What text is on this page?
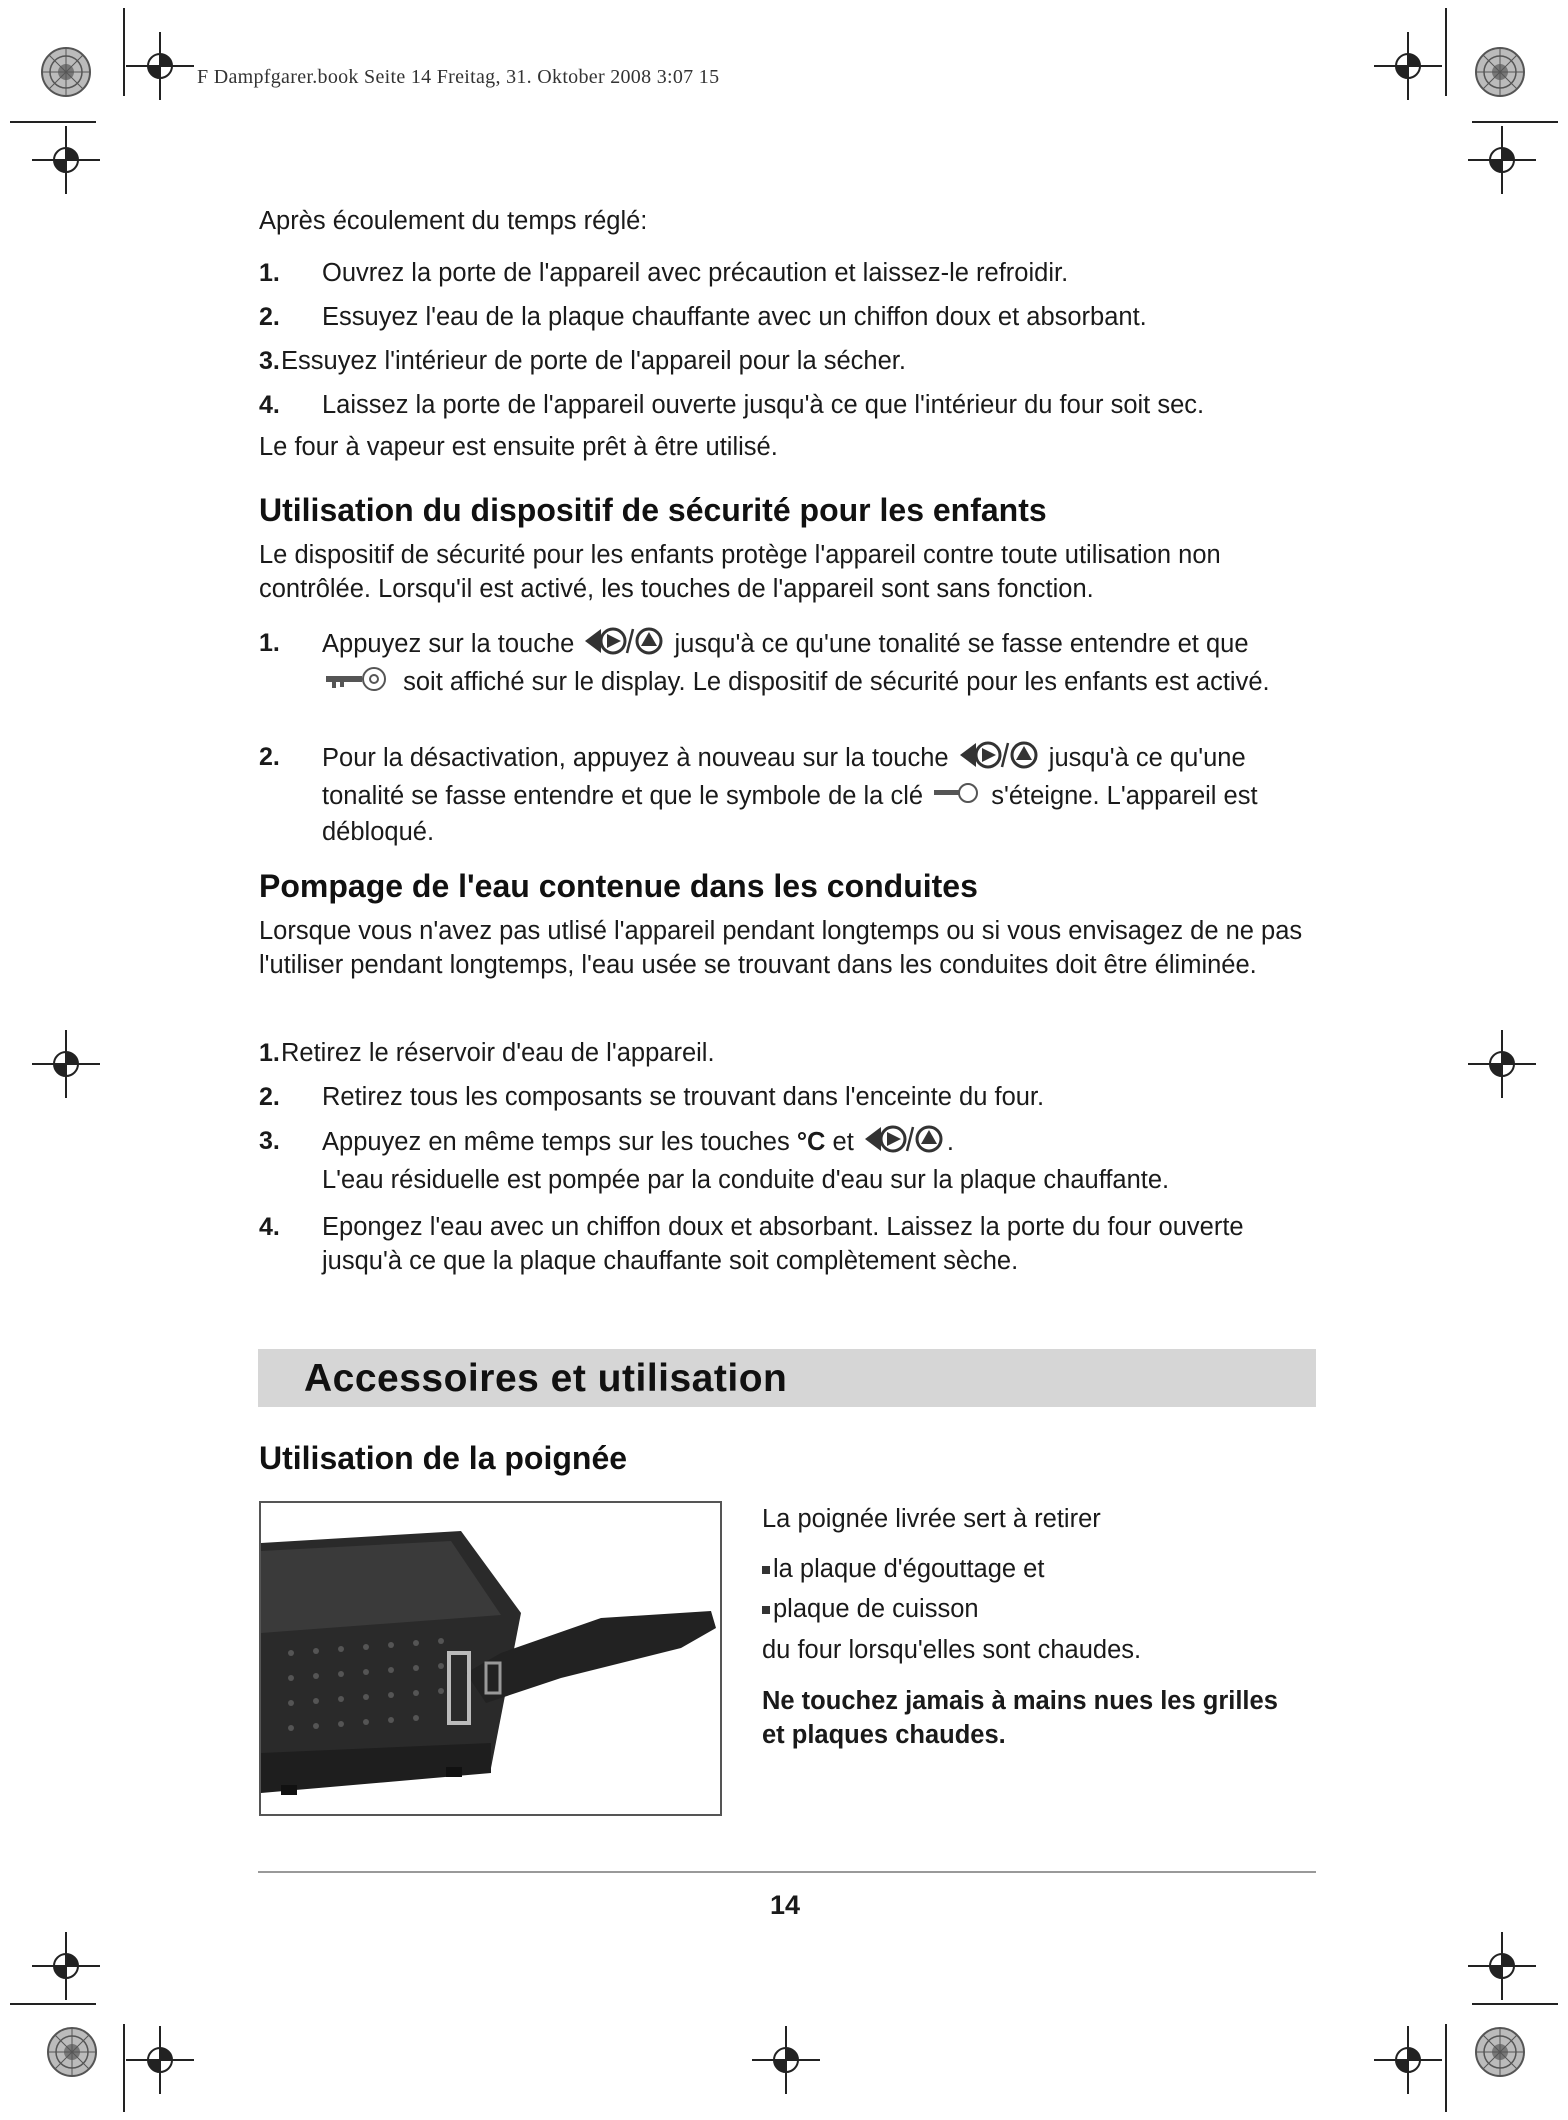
F Dampfgarer.book Seite 14 Freitag, 31. Oktober 2008 3:07 15

Après écoulement du temps réglé:

1. Ouvrez la porte de l'appareil avec précaution et laissez-le refroidir.
2. Essuyez l'eau de la plaque chauffante avec un chiffon doux et absorbant.
3. Essuyez l'intérieur de porte de l'appareil pour la sécher.
4. Laissez la porte de l'appareil ouverte jusqu'à ce que l'intérieur du four soit sec.

Le four à vapeur est ensuite prêt à être utilisé.

Utilisation du dispositif de sécurité pour les enfants

Le dispositif de sécurité pour les enfants protège l'appareil contre toute utilisation non contrôlée. Lorsqu'il est activé, les touches de l'appareil sont sans fonction.

1. Appuyez sur la touche	jusqu'à ce qu'une tonalité se fasse entendre et que
soit affiché sur le display. Le dispositif de sécurité pour les enfants est activé.
2. Pour la désactivation, appuyez à nouveau sur la touche	jusqu'à ce qu'une tonalité se fasse entendre et que le symbole de la clé	s'éteigne. L'appareil est débloqué.
Pompage de l'eau contenue dans les conduites

Lorsque vous n'avez pas utlisé l'appareil pendant longtemps ou si vous envisagez de ne pas l'utiliser pendant longtemps, l'eau usée se trouvant dans les conduites doit être éliminée.

1. Retirez le réservoir d'eau de l'appareil.
2. Retirez tous les composants se trouvant dans l'enceinte du four.
3. Appuyez en même temps sur les touches °C et	.
L'eau résiduelle est pompée par la conduite d'eau sur la plaque chauffante.
4. Epongez l'eau avec un chiffon doux et absorbant. Laissez la porte du four ouverte jusqu'à ce que la plaque chauffante soit complètement sèche.
Accessoires et utilisation
Utilisation de la poignée

La poignée livrée sert à retirer

la plaque d'égouttage et
plaque de cuisson

du four lorsqu'elles sont chaudes.

Ne touchez jamais à mains nues les grilles et plaques chaudes.

14
